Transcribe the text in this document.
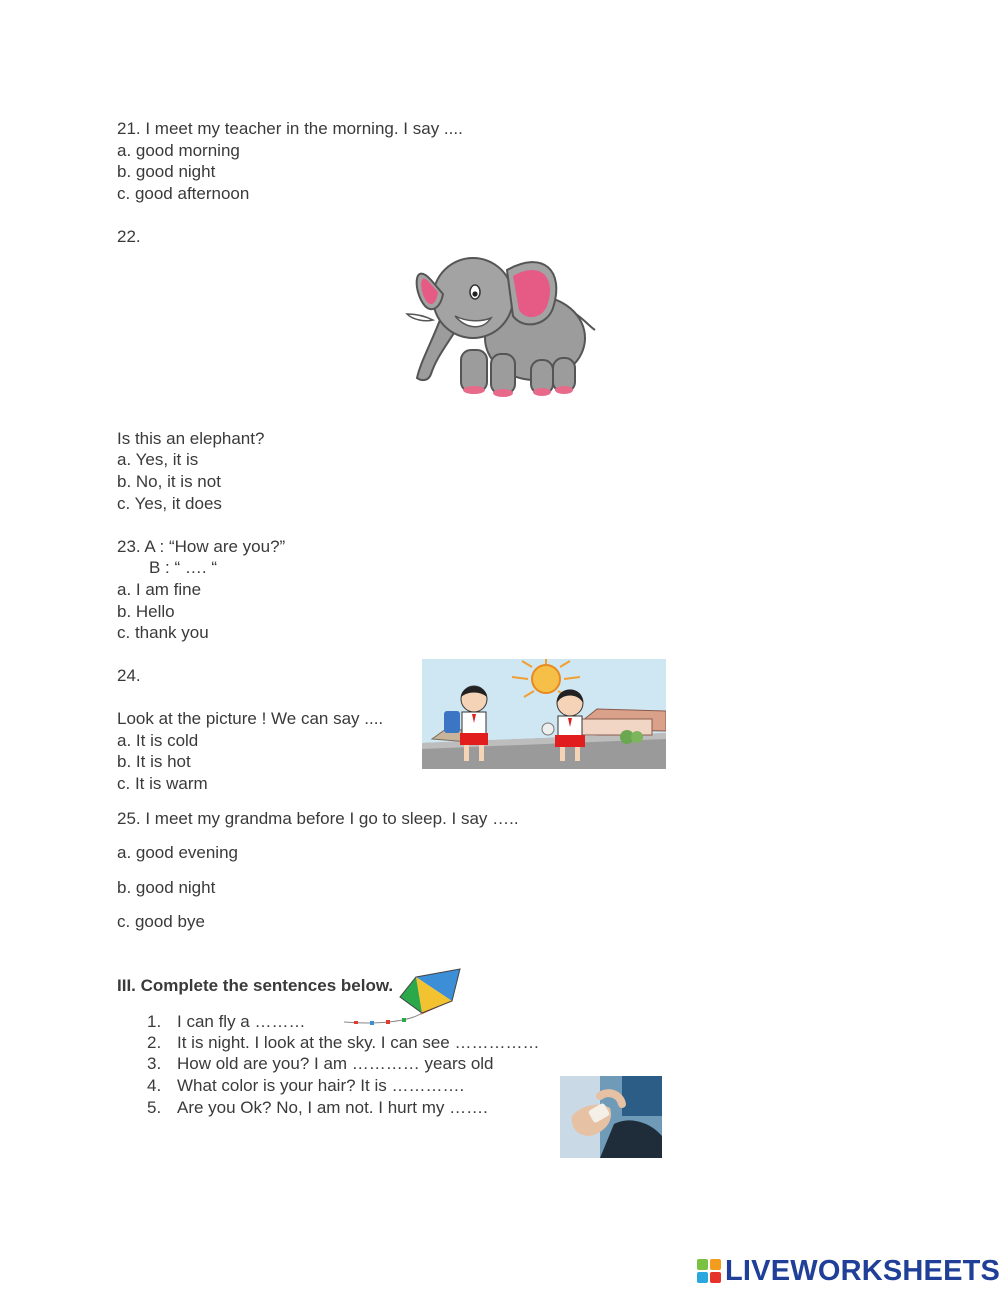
21. I meet my teacher in the morning. I say ....
a. good morning
b. good night
c. good afternoon
22.
Is this an elephant?
a. Yes, it is
b. No, it is not
c. Yes, it does
23. A : “How are you?”
B : “ …. “
a. I am fine
b. Hello
c. thank you
24.
Look at the picture ! We can say ....
a. It is cold
b. It is hot
c. It is warm
25. I meet my grandma before I go to sleep. I say …..
a. good evening
b. good night
c. good bye
III. Complete the sentences below.
1. I can fly a ………
2. It is night. I look at the sky. I can see ……………
3. How old are you? I am ………… years old
4. What color is your hair? It is ………….
5. Are you Ok? No, I am not. I hurt my …….
LIVEWORKSHEETS
